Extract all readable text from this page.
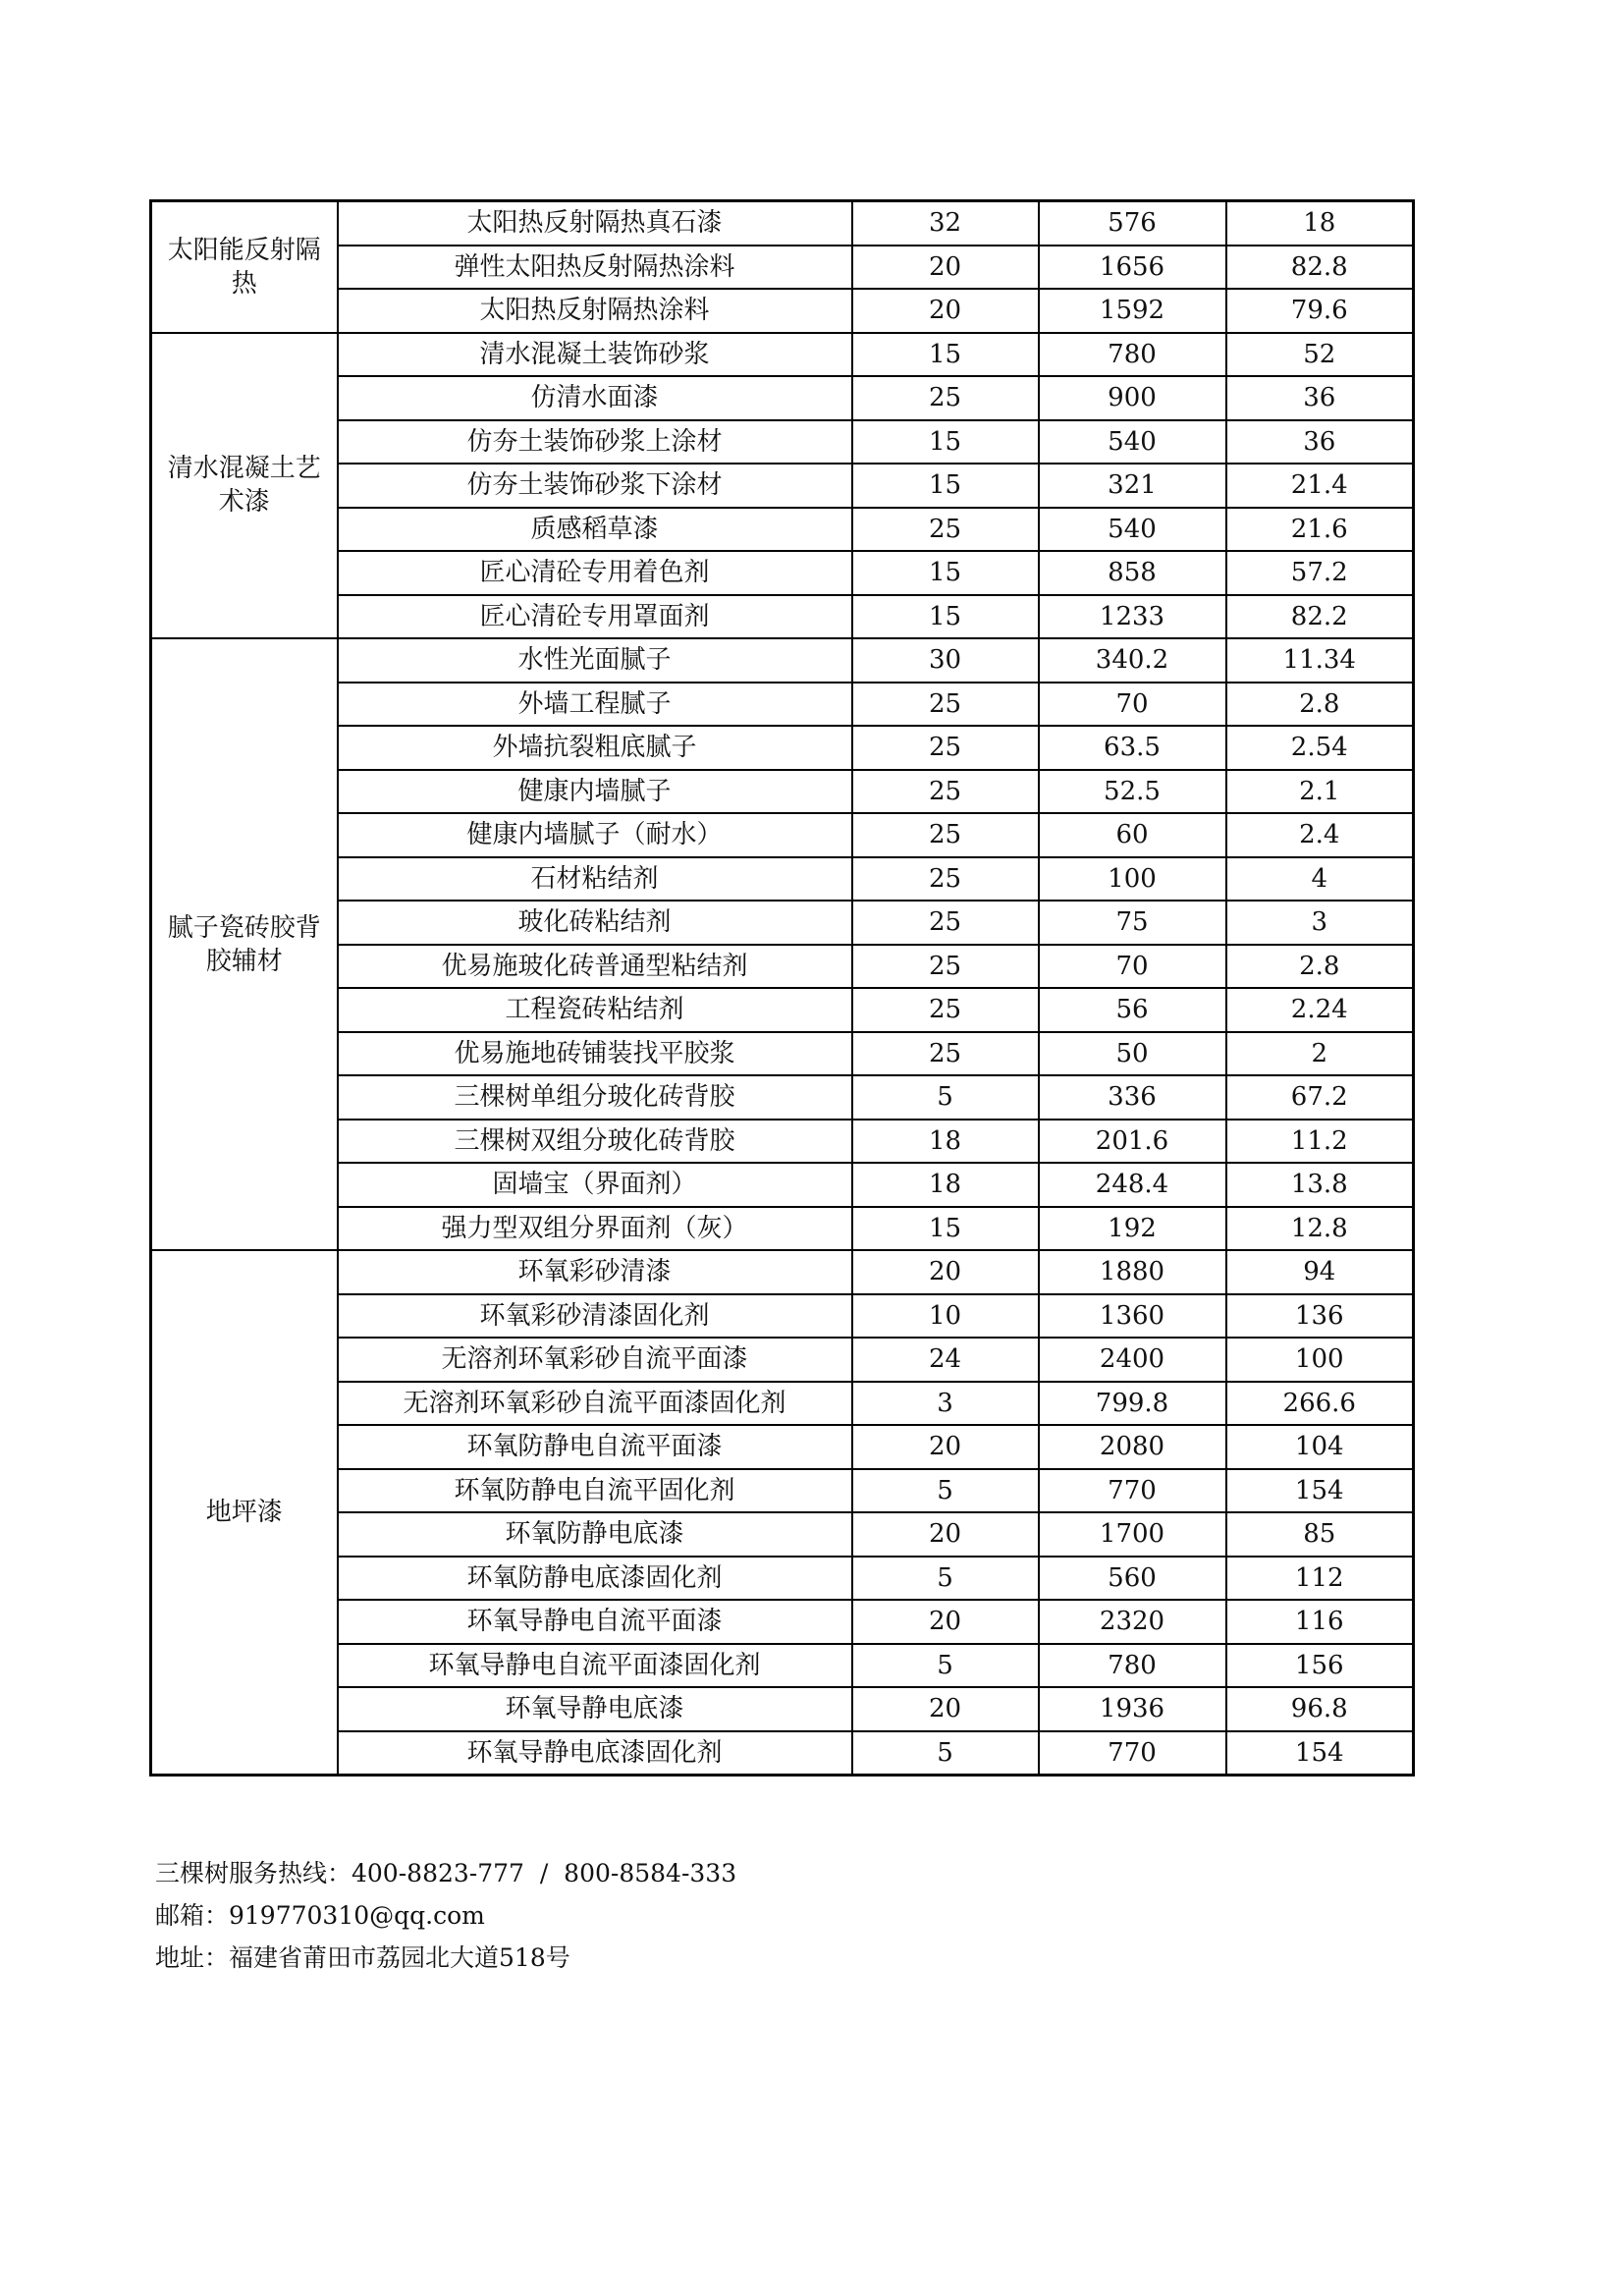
太阳能反射隔热	太阳热反射隔热真石漆	32	576	18
	弹性太阳热反射隔热涂料	20	1656	82.8
	太阳热反射隔热涂料	20	1592	79.6
清水混凝土艺术漆	清水混凝土装饰砂浆	15	780	52
	仿清水面漆	25	900	36
	仿夯土装饰砂浆上涂材	15	540	36
	仿夯土装饰砂浆下涂材	15	321	21.4
	质感稻草漆	25	540	21.6
	匠心清砼专用着色剂	15	858	57.2
	匠心清砼专用罩面剂	15	1233	82.2
腻子瓷砖胶背胶辅材	水性光面腻子	30	340.2	11.34
	外墙工程腻子	25	70	2.8
	外墙抗裂粗底腻子	25	63.5	2.54
	健康内墙腻子	25	52.5	2.1
	健康内墙腻子（耐水）	25	60	2.4
	石材粘结剂	25	100	4
	玻化砖粘结剂	25	75	3
	优易施玻化砖普通型粘结剂	25	70	2.8
	工程瓷砖粘结剂	25	56	2.24
	优易施地砖铺装找平胶浆	25	50	2
	三棵树单组分玻化砖背胶	5	336	67.2
	三棵树双组分玻化砖背胶	18	201.6	11.2
	固墙宝（界面剂）	18	248.4	13.8
	强力型双组分界面剂（灰）	15	192	12.8
地坪漆	环氧彩砂清漆	20	1880	94
	环氧彩砂清漆固化剂	10	1360	136
	无溶剂环氧彩砂自流平面漆	24	2400	100
	无溶剂环氧彩砂自流平面漆固化剂	3	799.8	266.6
	环氧防静电自流平面漆	20	2080	104
	环氧防静电自流平固化剂	5	770	154
	环氧防静电底漆	20	1700	85
	环氧防静电底漆固化剂	5	560	112
	环氧导静电自流平面漆	20	2320	116
	环氧导静电自流平面漆固化剂	5	780	156
	环氧导静电底漆	20	1936	96.8
	环氧导静电底漆固化剂	5	770	154
三棵树服务热线：400-8823-777  /  800-8584-333
邮箱：919770310@qq.com
地址：福建省莆田市荔园北大道518号
